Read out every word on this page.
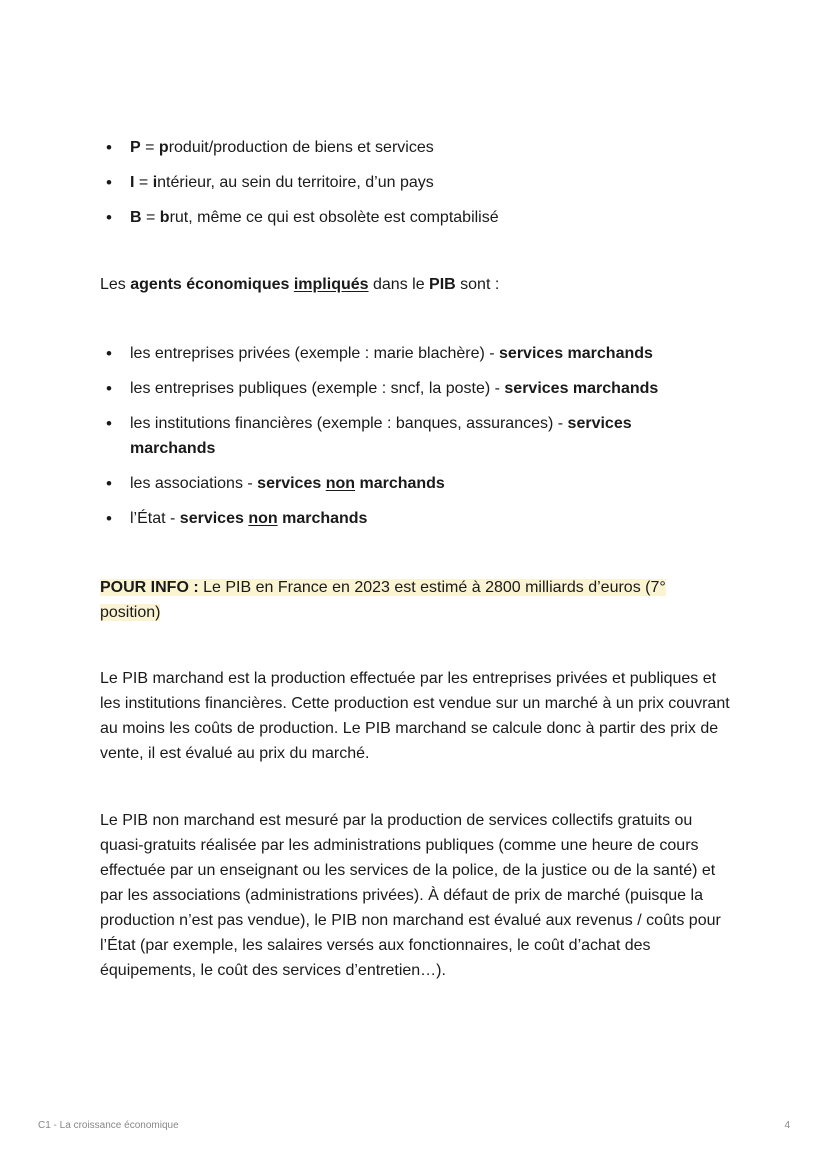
• P = produit/production de biens et services
• I = intérieur, au sein du territoire, d’un pays
• B = brut, même ce qui est obsolète est comptabilisé

Les agents économiques impliqués dans le PIB sont :

• les entreprises privées (exemple : marie blachère) - services marchands
• les entreprises publiques (exemple : sncf, la poste) - services marchands
• les institutions financières (exemple : banques, assurances) - services marchands
• les associations - services non marchands
• l’État - services non marchands

POUR INFO : Le PIB en France en 2023 est estimé à 2800 milliards d’euros (7° position)

Le PIB marchand est la production effectuée par les entreprises privées et publiques et les institutions financières. Cette production est vendue sur un marché à un prix couvrant au moins les coûts de production. Le PIB marchand se calcule donc à partir des prix de vente, il est évalué au prix du marché.

Le PIB non marchand est mesuré par la production de services collectifs gratuits ou quasi-gratuits réalisée par les administrations publiques (comme une heure de cours effectuée par un enseignant ou les services de la police, de la justice ou de la santé) et par les associations (administrations privées). À défaut de prix de marché (puisque la production n’est pas vendue), le PIB non marchand est évalué aux revenus / coûts pour l’État (par exemple, les salaires versés aux fonctionnaires, le coût d’achat des équipements, le coût des services d’entretien…).

C1 - La croissance économique	4
